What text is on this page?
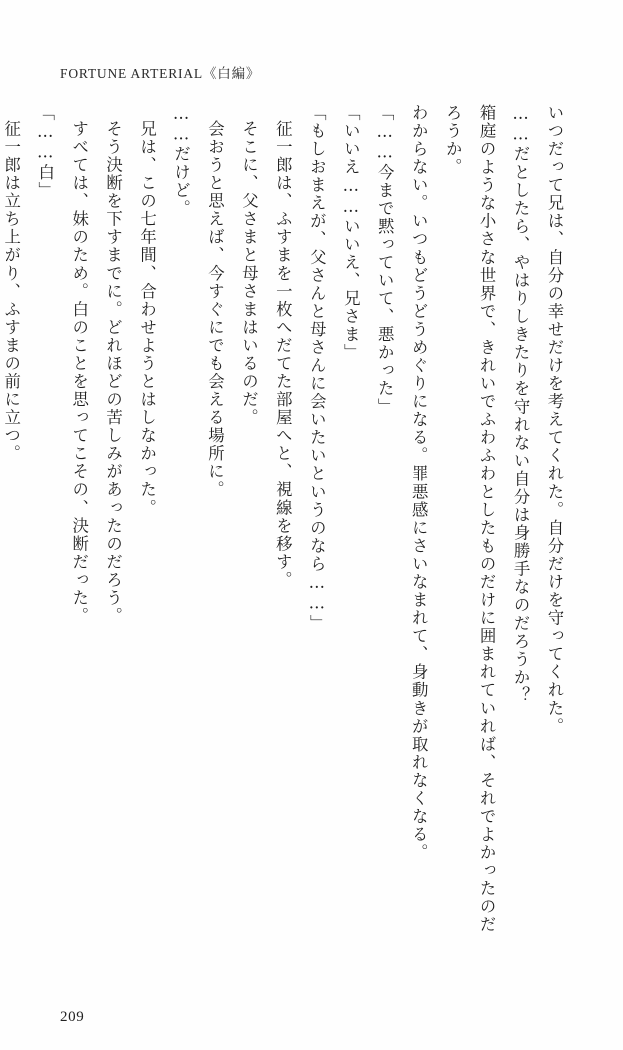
FORTUNE ARTERIAL《白編》

いつだって兄は、自分の幸せだけを考えてくれた。自分だけを守ってくれた。

……だとしたら、やはりしきたりを守れない自分は身勝手なのだろうか？

箱庭のような小さな世界で、きれいでふわふわとしたものだけに囲まれていれば、それでよかったのだろうか。

わからない。いつもどうどうめぐりになる。罪悪感にさいなまれて、身動きが取れなくなる。

「……今まで黙っていて、悪かった」

「いいえ……いいえ、兄さま」

「もしおまえが、父さんと母さんに会いたいというのなら……」

征一郎は、ふすまを一枚へだてた部屋へと、視線を移す。

そこに、父さまと母さまはいるのだ。

会おうと思えば、今すぐにでも会える場所に。

……だけど。

兄は、この七年間、合わせようとはしなかった。

そう決断を下すまでに。どれほどの苦しみがあったのだろう。

すべては、妹のため。白のことを思ってこその、決断だった。

「……白」

征一郎は立ち上がり、ふすまの前に立つ。

209
